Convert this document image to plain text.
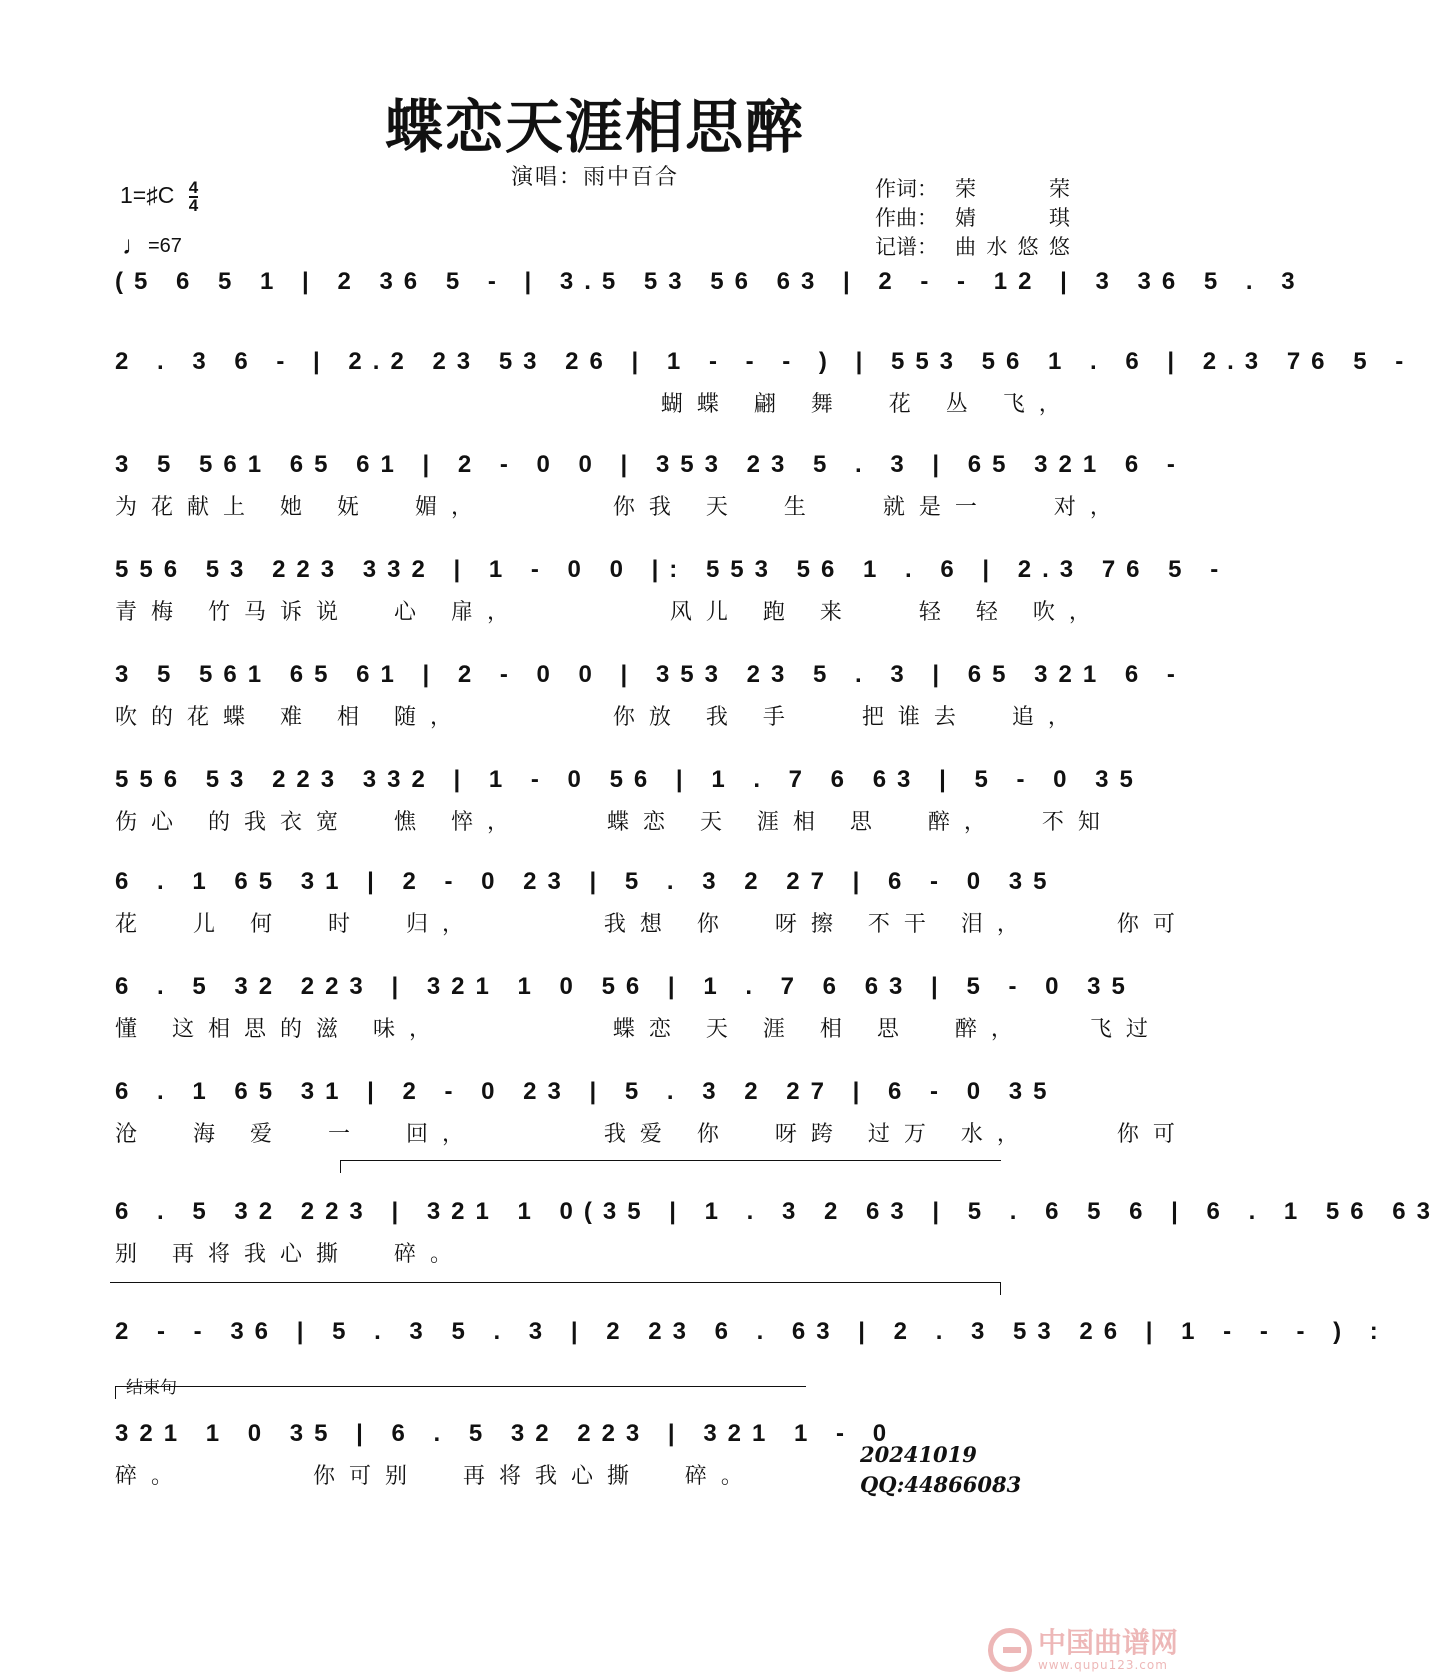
蝶恋天涯相思醉
演唱：雨中百合	作词： 荣 荣
作曲： 婧 琪
记谱： 曲水悠悠
1=♯C $\frac{4}{4}$
♩=67
(5 6 5 1 | 2 36 5 - | 3.5 53 56 63 | 2 - - 12 | 3 36 5 . 3
2 . 3 6 - | 2.2 23 53 26 | 1 - - - ) | 553 56 1 . 6 | 2.3 76 5 -
蝴蝶 翩 舞  花 丛 飞，
3 5 561 65 61 | 2 - 0 0 | 353 23 5 . 3 | 65 321 6 -
为花献上 她 妩  媚，      你我 天  生   就是一   对，
556 53 223 332 | 1 - 0 0 |: 553 56 1 . 6 | 2.3 76 5 -
青梅 竹马诉说  心 扉，       风儿 跑 来   轻 轻 吹，
3 5 561 65 61 | 2 - 0 0 | 353 23 5 . 3 | 65 321 6 -
吹的花蝶 难 相 随，       你放 我 手   把谁去  追，
556 53 223 332 | 1 - 0 56 | 1 . 7 6 63 | 5 - 0 35
伤心 的我衣宽  憔 悴，    蝶恋 天 涯相 思  醉，  不知
6 . 1 65 31 | 2 - 0 23 | 5 . 3 2 27 | 6 - 0 35
花  儿 何  时  归，      我想 你  呀擦 不干 泪，    你可
6 . 5 32 223 | 321 1 0 56 | 1 . 7 6 63 | 5 - 0 35
懂 这相思的滋 味，        蝶恋 天 涯 相 思  醉，   飞过
6 . 1 65 31 | 2 - 0 23 | 5 . 3 2 27 | 6 - 0 35
沧  海 爱  一  回，      我爱 你  呀跨 过万 水，    你可
6 . 5 32 223 | 321 1 0(35 | 1 . 3 2 63 | 5 . 6 5 6 | 6 . 1 56 63
别 再将我心撕  碎。
2 - - 36 | 5 . 3 5 . 3 | 2 23 6 . 63 | 2 . 3 53 26 | 1 - - - ) :
结束句
321 1 0 35 | 6 . 5 32 223 | 321 1 - 0
碎。      你可别  再将我心撕  碎。
20241019
QQ:44866083
中国曲谱网
www.qupu123.com
